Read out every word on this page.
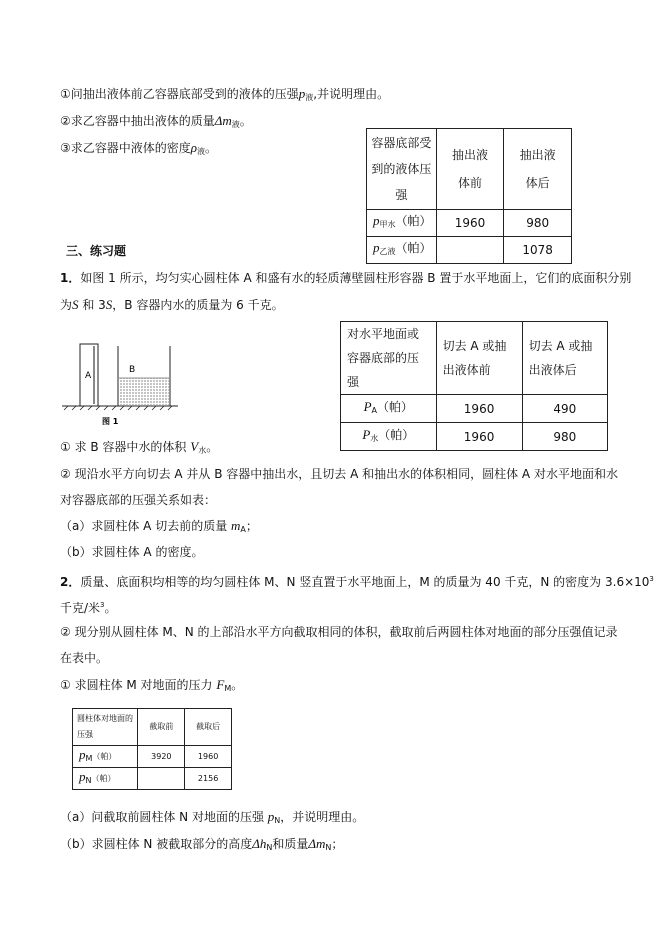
①问抽出液体前乙容器底部受到的液体的压强$p_液$,并说明理由。
②求乙容器中抽出液体的质量$\Delta m_液$。
③求乙容器中液体的密度$\rho_液$。	容器底部受到的液体压强	抽出液体前	抽出液体后
$p_{甲水}$（帕）	1960	980
$p_{乙液}$（帕）		1078
三、练习题
1．如图 1 所示，均匀实心圆柱体 A 和盛有水的轻质薄壁圆柱形容器 B 置于水平地面上，它们的底面积分别
为S 和 3S，B 容器内水的质量为 6 千克。
A
B
图 1
对水平地面或容器底部的压强	切去 A 或抽出液体前	切去 A 或抽出液体后
$P_A$（帕）	1960	490
$P_水$（帕）	1960	980
① 求 B 容器中水的体积 $V_水$。
② 现沿水平方向切去 A 并从 B 容器中抽出水，且切去 A 和抽出水的体积相同，圆柱体 A 对水平地面和水
对容器底部的压强关系如表：
（a）求圆柱体 A 切去前的质量 $m_A$；
（b）求圆柱体 A 的密度。
2．质量、底面积均相等的均匀圆柱体 M、N 竖直置于水平地面上，M 的质量为 40 千克，N 的密度为 $3.6\times 10^3$
千克/米$^3$。
② 现分别从圆柱体 M、N 的上部沿水平方向截取相同的体积，截取前后两圆柱体对地面的部分压强值记录
在表中。
① 求圆柱体 M 对地面的压力 $F_M$。
圆柱体对地面的压强	截取前	截取后
pM（帕）	3920	1960
pN（帕）		2156
（a）问截取前圆柱体 N 对地面的压强 $p_N$，并说明理由。
（b）求圆柱体 N 被截取部分的高度$\Delta h_N$和质量$\Delta m_N$；
